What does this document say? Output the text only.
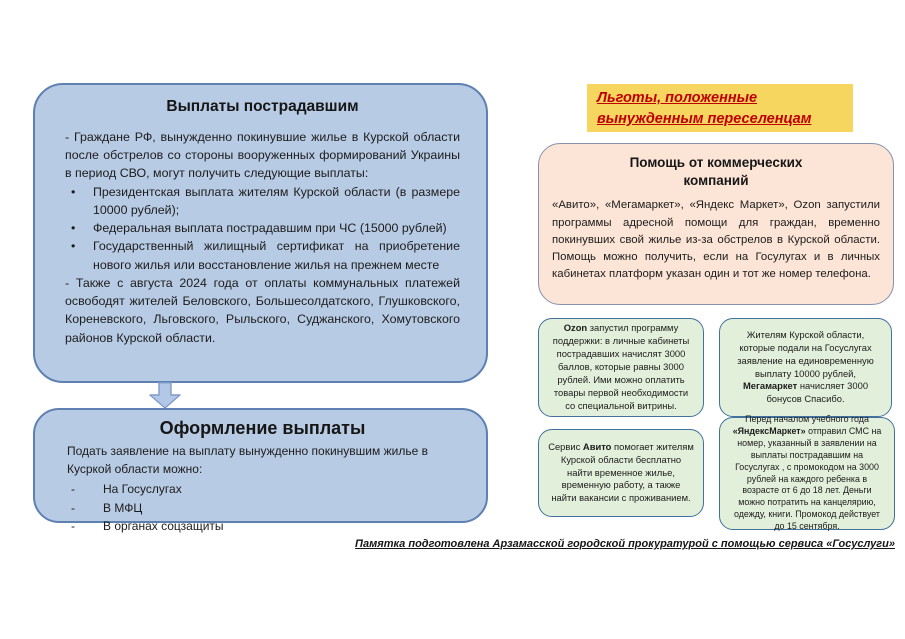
Выплаты пострадавшим

- Граждане РФ, вынужденно покинувшие жилье в Курской области после обстрелов со стороны вооруженных формирований Украины в период СВО, могут получить следующие выплаты:

• Президентская выплата жителям Курской области (в размере 10000 рублей);
• Федеральная выплата пострадавшим при ЧС (15000 рублей)
• Государственный жилищный сертификат на приобретение нового жилья или восстановление жилья на прежнем месте

- Также с августа 2024 года от оплаты коммунальных платежей освободят жителей Беловского, Большесолдатского, Глушковского, Кореневского, Льговского, Рыльского, Суджанского, Хомутовского районов Курской области.

Оформление выплаты

Подать заявление на выплату вынужденно покинувшим жилье в Кусркой области можно:

- На Госуслугах
- В МФЦ
- В органах соцзащиты
Льготы, положенные вынужденным переселенцам
Помощь от коммерческих компаний

«Авито», «Мегамаркет», «Яндекс Маркет», Ozon запустили программы адресной помощи для граждан, временно покинувших свой жилье из-за обстрелов в Курской области. Помощь можно получить, если на Госулугах и в личных кабинетах платформ указан один и тот же номер телефона.

Ozon запустил программу поддержки: в личные кабинеты пострадавших начислят 3000 баллов, которые равны 3000 рублей. Ими можно оплатить товары первой необходимости со специальной витрины.

Жителям Курской области, которые подали на Госуслугах заявление на единовременную выплату 10000 рублей, Мегамаркет начисляет 3000 бонусов Спасибо.

Сервис Авито помогает жителям Курской области бесплатно найти временное жилье, временную работу, а также найти вакансии с проживанием.

Перед началом учебного года «ЯндексМаркет» отправил СМС на номер, указанный в заявлении на выплаты пострадавшим на Госуслугах , с промокодом на 3000 рублей на каждого ребенка в возрасте от 6 до 18 лет. Деньги можно потратить на канцелярию, одежду, книги. Промокод действует до 15 сентября.

Памятка подготовлена Арзамасской городской прокуратурой с помощью сервиса «Госуслуги»
